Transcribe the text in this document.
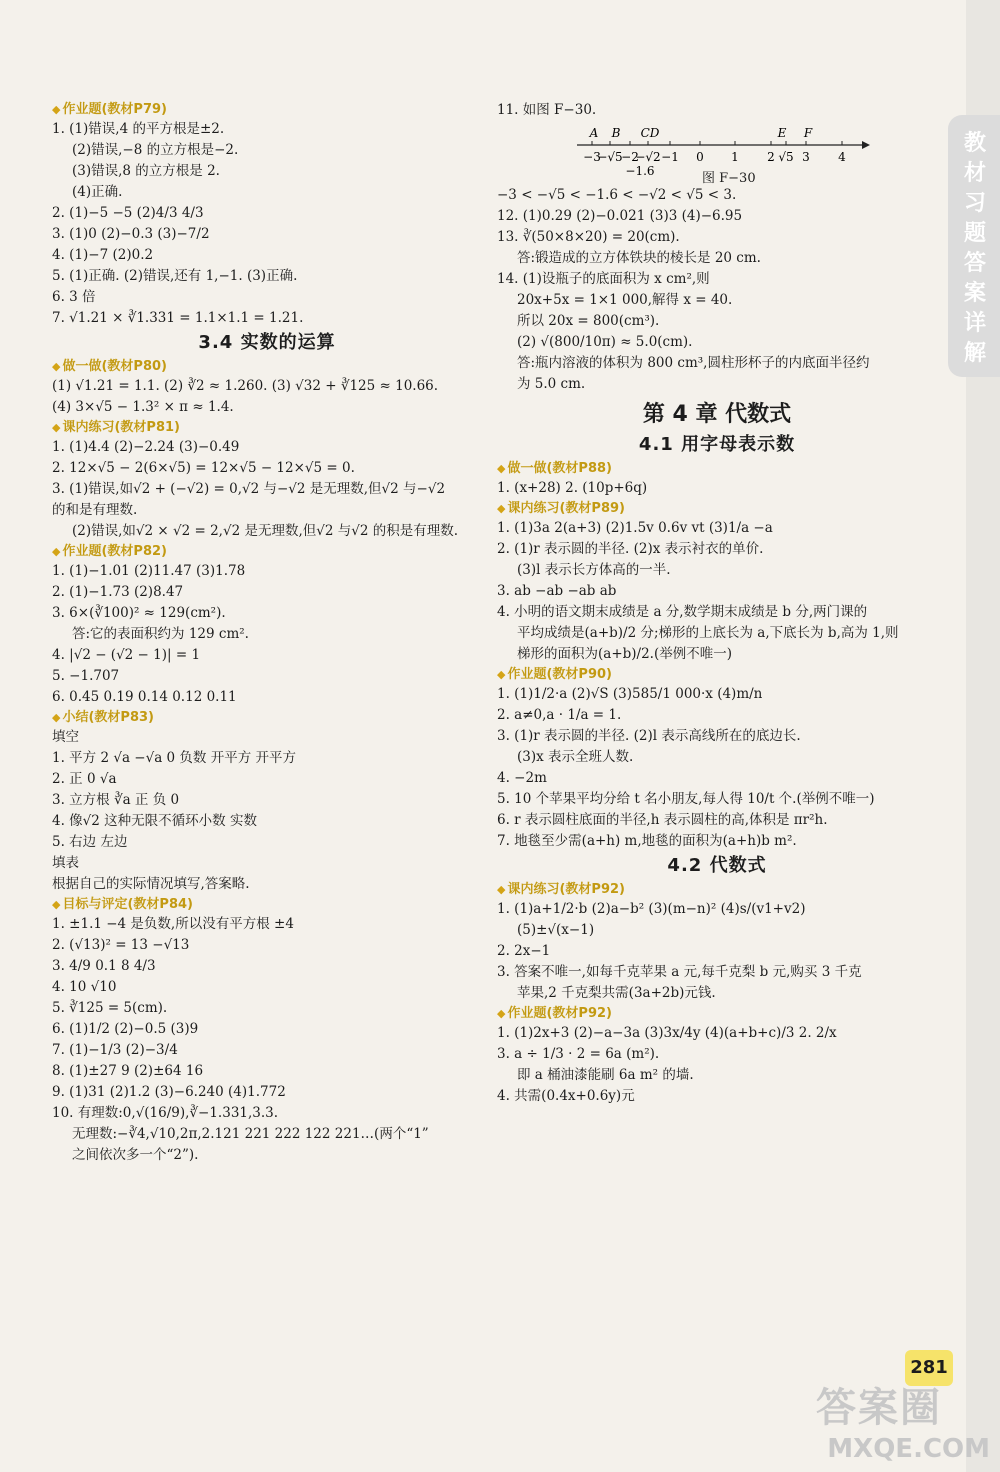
教材习题答案详解
◆ 作业题(教材P79)
1. (1)错误,4 的平方根是±2.
(2)错误,−8 的立方根是−2.
(3)错误,8 的立方根是 2.
(4)正确.
2. (1)−5 −5 (2)4/3 4/3
3. (1)0 (2)−0.3 (3)−7/2
4. (1)−7 (2)0.2
5. (1)正确. (2)错误,还有 1,−1. (3)正确.
6. 3 倍
7. √1.21 × ∛1.331 = 1.1×1.1 = 1.21.
3.4 实数的运算
◆ 做一做(教材P80)
(1) √1.21 = 1.1. (2) ∛2 ≈ 1.260. (3) √32 + ∛125 ≈ 10.66.
(4) 3×√5 − 1.3² × π ≈ 1.4.
◆ 课内练习(教材P81)
1. (1)4.4 (2)−2.24 (3)−0.49
2. 12×√5 − 2(6×√5) = 12×√5 − 12×√5 = 0.
3. (1)错误,如√2 + (−√2) = 0,√2 与−√2 是无理数,但√2 与−√2
的和是有理数.
(2)错误,如√2 × √2 = 2,√2 是无理数,但√2 与√2 的积是有理数.
◆ 作业题(教材P82)
1. (1)−1.01 (2)11.47 (3)1.78
2. (1)−1.73 (2)8.47
3. 6×(∛100)² ≈ 129(cm²).
答:它的表面积约为 129 cm².
4. |√2 − (√2 − 1)| = 1
5. −1.707
6. 0.45 0.19 0.14 0.12 0.11
◆ 小结(教材P83)
填空
1. 平方 2 √a −√a 0 负数 开平方 开平方
2. 正 0 √a
3. 立方根 ∛a 正 负 0
4. 像√2 这种无限不循环小数 实数
5. 右边 左边
填表
根据自己的实际情况填写,答案略.
◆ 目标与评定(教材P84)
1. ±1.1 −4 是负数,所以没有平方根 ±4
2. (√13)² = 13 −√13
3. 4/9 0.1 8 4/3
4. 10 √10
5. ∛125 = 5(cm).
6. (1)1/2 (2)−0.5 (3)9
7. (1)−1/3 (2)−3/4
8. (1)±27 9 (2)±64 16
9. (1)31 (2)1.2 (3)−6.240 (4)1.772
10. 有理数:0,√(16/9),∛−1.331,3.3.
无理数:−∛4,√10,2π,2.121 221 222 122 221…(两个“1”
之间依次多一个“2”).
11. 如图 F−30.
−3
−√5
−2
−√2 −1 0 1 2 √5 3 4
A B CD	E F
−1.6	图 F−30
−3 < −√5 < −1.6 < −√2 < √5 < 3.
12. (1)0.29 (2)−0.021 (3)3 (4)−6.95
13. ∛(50×8×20) = 20(cm).
答:锻造成的立方体铁块的棱长是 20 cm.
14. (1)设瓶子的底面积为 x cm²,则
20x+5x = 1×1 000,解得 x = 40.
所以 20x = 800(cm³).
(2) √(800/10π) ≈ 5.0(cm).
答:瓶内溶液的体积为 800 cm³,圆柱形杯子的内底面半径约
为 5.0 cm.
第 4 章 代数式
4.1 用字母表示数
◆ 做一做(教材P88)
1. (x+28) 2. (10p+6q)
◆ 课内练习(教材P89)
1. (1)3a 2(a+3) (2)1.5v 0.6v vt (3)1/a −a
2. (1)r 表示圆的半径. (2)x 表示衬衣的单价.
(3)l 表示长方体高的一半.
3. ab −ab −ab ab
4. 小明的语文期末成绩是 a 分,数学期末成绩是 b 分,两门课的
平均成绩是(a+b)/2 分;梯形的上底长为 a,下底长为 b,高为 1,则
梯形的面积为(a+b)/2.(举例不唯一)
◆ 作业题(教材P90)
1. (1)1/2·a (2)√S (3)585/1 000·x (4)m/n
2. a≠0,a · 1/a = 1.
3. (1)r 表示圆的半径. (2)l 表示高线所在的底边长.
(3)x 表示全班人数.
4. −2m
5. 10 个苹果平均分给 t 名小朋友,每人得 10/t 个.(举例不唯一)
6. r 表示圆柱底面的半径,h 表示圆柱的高,体积是 πr²h.
7. 地毯至少需(a+h) m,地毯的面积为(a+h)b m².
4.2 代数式
◆ 课内练习(教材P92)
1. (1)a+1/2·b (2)a−b² (3)(m−n)² (4)s/(v1+v2)
(5)±√(x−1)
2. 2x−1
3. 答案不唯一,如每千克苹果 a 元,每千克梨 b 元,购买 3 千克
苹果,2 千克梨共需(3a+2b)元钱.
◆ 作业题(教材P92)
1. (1)2x+3 (2)−a−3a (3)3x/4y (4)(a+b+c)/3 2. 2/x
3. a ÷ 1/3 · 2 = 6a (m²).
即 a 桶油漆能刷 6a m² 的墙.
4. 共需(0.4x+0.6y)元
281
答案圈
MXQE.COM
